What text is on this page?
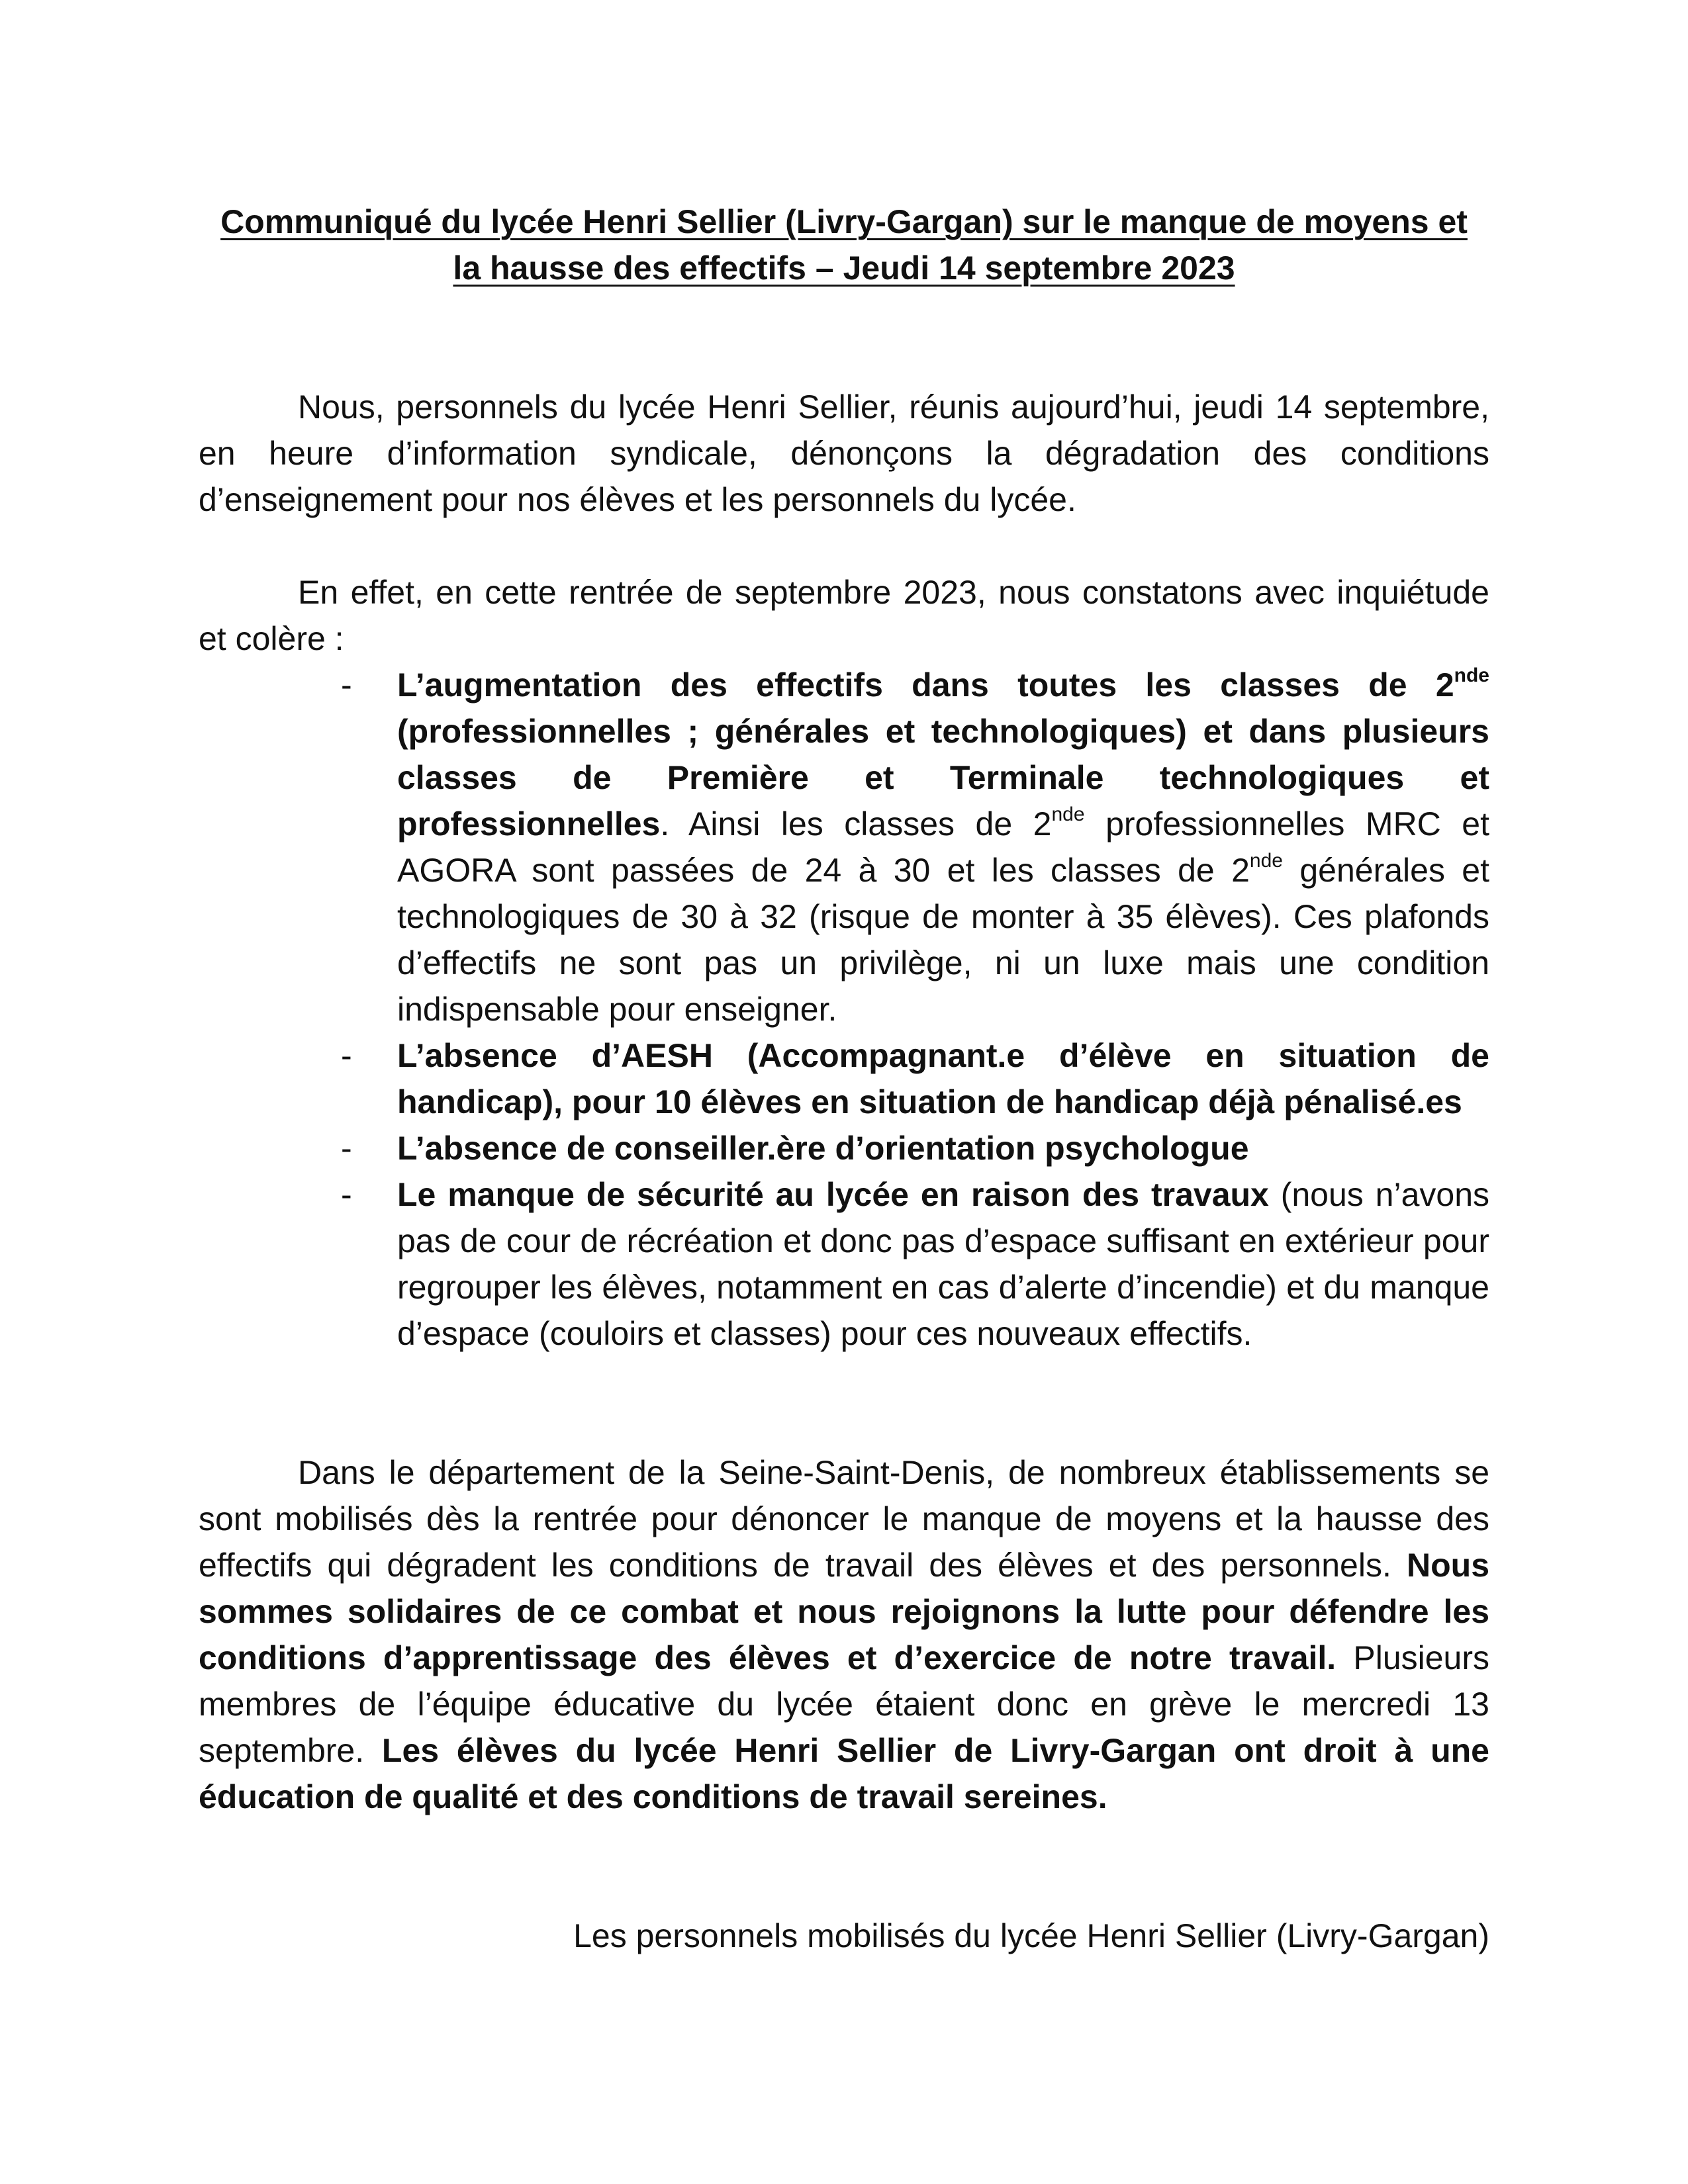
Communiqué du lycée Henri Sellier (Livry-Gargan) sur le manque de moyens et
la hausse des effectifs – Jeudi 14 septembre 2023

Nous, personnels du lycée Henri Sellier, réunis aujourd’hui, jeudi 14 septembre, en heure d’information syndicale, dénonçons la dégradation des conditions d’enseignement pour nos élèves et les personnels du lycée.

En effet, en cette rentrée de septembre 2023, nous constatons avec inquiétude et colère :

- L’augmentation des effectifs dans toutes les classes de 2nde (professionnelles ; générales et technologiques) et dans plusieurs classes de Première et Terminale technologiques et professionnelles. Ainsi les classes de 2nde professionnelles MRC et AGORA sont passées de 24 à 30 et les classes de 2nde générales et technologiques de 30 à 32 (risque de monter à 35 élèves). Ces plafonds d’effectifs ne sont pas un privilège, ni un luxe mais une condition indispensable pour enseigner.
- L’absence d’AESH (Accompagnant.e d’élève en situation de handicap), pour 10 élèves en situation de handicap déjà pénalisé.es
- L’absence de conseiller.ère d’orientation psychologue
- Le manque de sécurité au lycée en raison des travaux (nous n’avons pas de cour de récréation et donc pas d’espace suffisant en extérieur pour regrouper les élèves, notamment en cas d’alerte d’incendie) et du manque d’espace (couloirs et classes) pour ces nouveaux effectifs.

Dans le département de la Seine-Saint-Denis, de nombreux établissements se sont mobilisés dès la rentrée pour dénoncer le manque de moyens et la hausse des effectifs qui dégradent les conditions de travail des élèves et des personnels. Nous sommes solidaires de ce combat et nous rejoignons la lutte pour défendre les conditions d’apprentissage des élèves et d’exercice de notre travail. Plusieurs membres de l’équipe éducative du lycée étaient donc en grève le mercredi 13 septembre. Les élèves du lycée Henri Sellier de Livry-Gargan ont droit à une éducation de qualité et des conditions de travail sereines.

Les personnels mobilisés du lycée Henri Sellier (Livry-Gargan)
